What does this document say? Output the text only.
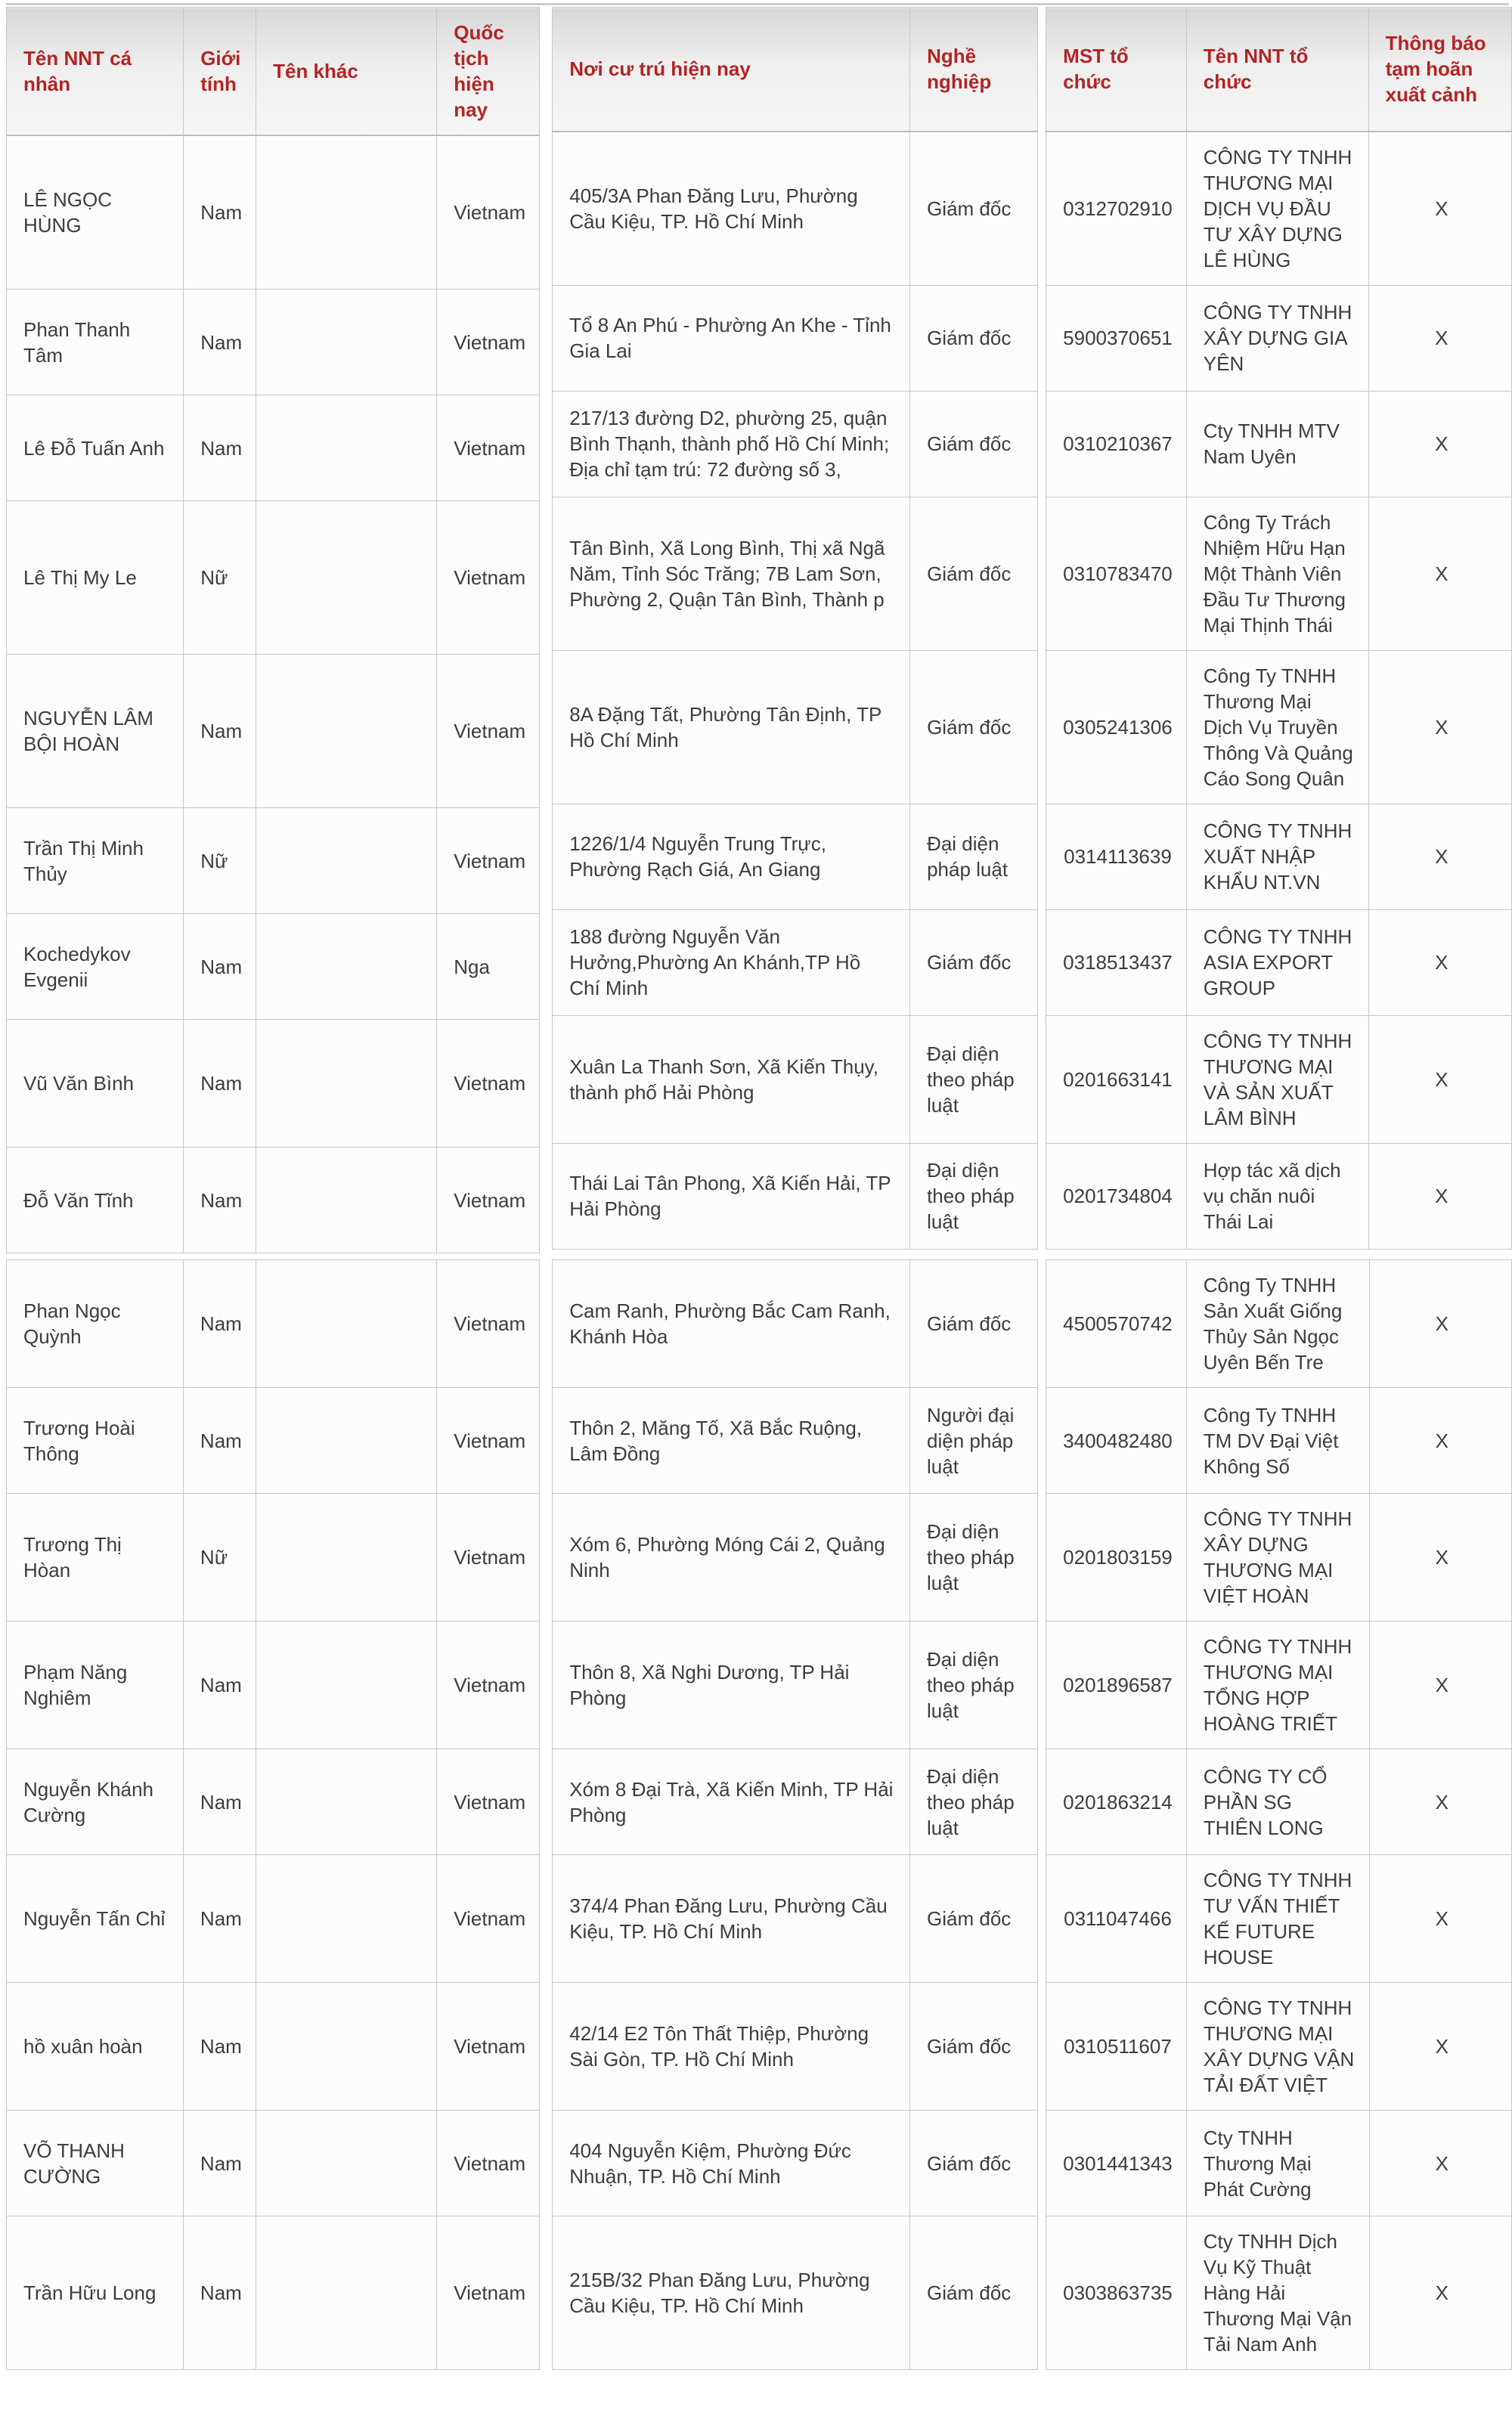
Tên NNT cá nhân	Giới tính	Tên khác	Quốc tịch hiện nay
LÊ NGỌC HÙNG	Nam		Vietnam
Phan Thanh Tâm	Nam		Vietnam
Lê Đỗ Tuấn Anh	Nam		Vietnam
Lê Thị My Le	Nữ		Vietnam
NGUYỄN LÂM BỘI HOÀN	Nam		Vietnam
Trần Thị Minh Thủy	Nữ		Vietnam
Kochedykov Evgenii	Nam		Nga
Vũ Văn Bình	Nam		Vietnam
Đỗ Văn Tĩnh	Nam		Vietnam
Nơi cư trú hiện nay	Nghề nghiệp
405/3A Phan Đăng Lưu, Phường Cầu Kiệu, TP. Hồ Chí Minh	Giám đốc
Tổ 8 An Phú - Phường An Khe - Tỉnh Gia Lai	Giám đốc
217/13 đường D2, phường 25, quận Bình Thạnh, thành phố Hồ Chí Minh; Địa chỉ tạm trú: 72 đường số 3,	Giám đốc
Tân Bình, Xã Long Bình, Thị xã Ngã Năm, Tỉnh Sóc Trăng; 7B Lam Sơn, Phường 2, Quận Tân Bình, Thành p	Giám đốc
8A Đặng Tất, Phường Tân Định, TP Hồ Chí Minh	Giám đốc
1226/1/4 Nguyễn Trung Trực, Phường Rạch Giá, An Giang	Đại diện pháp luật
188 đường Nguyễn Văn Hưởng,Phường An Khánh,TP Hồ Chí Minh	Giám đốc
Xuân La Thanh Sơn, Xã Kiến Thụy, thành phố Hải Phòng	Đại diện theo pháp luật
Thái Lai Tân Phong, Xã Kiến Hải, TP Hải Phòng	Đại diện theo pháp luật
MST tổ chức	Tên NNT tổ chức	Thông báo tạm hoãn xuất cảnh
0312702910	CÔNG TY TNHH THƯƠNG MẠI DỊCH VỤ ĐẦU TƯ XÂY DỰNG LÊ HÙNG	X
5900370651	CÔNG TY TNHH XÂY DỰNG GIA YÊN	X
0310210367	Cty TNHH MTV Nam Uyên	X
0310783470	Công Ty Trách Nhiệm Hữu Hạn Một Thành Viên Đầu Tư Thương Mại Thịnh Thái	X
0305241306	Công Ty TNHH Thương Mại Dịch Vụ Truyền Thông Và Quảng Cáo Song Quân	X
0314113639	CÔNG TY TNHH XUẤT NHẬP KHẨU NT.VN	X
0318513437	CÔNG TY TNHH ASIA EXPORT GROUP	X
0201663141	CÔNG TY TNHH THƯƠNG MẠI VÀ SẢN XUẤT LÂM BÌNH	X
0201734804	Hợp tác xã dịch vụ chăn nuôi Thái Lai	X
Phan Ngọc Quỳnh	Nam		Vietnam
Trương Hoài Thông	Nam		Vietnam
Trương Thị Hòan	Nữ		Vietnam
Phạm Năng Nghiêm	Nam		Vietnam
Nguyễn Khánh Cường	Nam		Vietnam
Nguyễn Tấn Chỉ	Nam		Vietnam
hồ xuân hoàn	Nam		Vietnam
VÕ THANH CƯỜNG	Nam		Vietnam
Trần Hữu Long	Nam		Vietnam
Cam Ranh, Phường Bắc Cam Ranh, Khánh Hòa	Giám đốc
Thôn 2, Măng Tố, Xã Bắc Ruộng, Lâm Đồng	Người đại diện pháp luật
Xóm 6, Phường Móng Cái 2, Quảng Ninh	Đại diện theo pháp luật
Thôn 8, Xã Nghi Dương, TP Hải Phòng	Đại diện theo pháp luật
Xóm 8 Đại Trà, Xã Kiến Minh, TP Hải Phòng	Đại diện theo pháp luật
374/4 Phan Đăng Lưu, Phường Cầu Kiệu, TP. Hồ Chí Minh	Giám đốc
42/14 E2 Tôn Thất Thiệp, Phường Sài Gòn, TP. Hồ Chí Minh	Giám đốc
404 Nguyễn Kiệm, Phường Đức Nhuận, TP. Hồ Chí Minh	Giám đốc
215B/32 Phan Đăng Lưu, Phường Cầu Kiệu, TP. Hồ Chí Minh	Giám đốc
4500570742	Công Ty TNHH Sản Xuất Giống Thủy Sản Ngọc Uyên Bến Tre	X
3400482480	Công Ty TNHH TM DV Đại Việt Không Số	X
0201803159	CÔNG TY TNHH XÂY DỰNG THƯƠNG MẠI VIỆT HOÀN	X
0201896587	CÔNG TY TNHH THƯƠNG MẠI TỔNG HỢP HOÀNG TRIẾT	X
0201863214	CÔNG TY CỔ PHẦN SG THIÊN LONG	X
0311047466	CÔNG TY TNHH TƯ VẤN THIẾT KẾ FUTURE HOUSE	X
0310511607	CÔNG TY TNHH THƯƠNG MẠI XÂY DỰNG VẬN TẢI ĐẤT VIỆT	X
0301441343	Cty TNHH Thương Mại Phát Cường	X
0303863735	Cty TNHH Dịch Vụ Kỹ Thuật Hàng Hải Thương Mại Vận Tải Nam Anh	X
